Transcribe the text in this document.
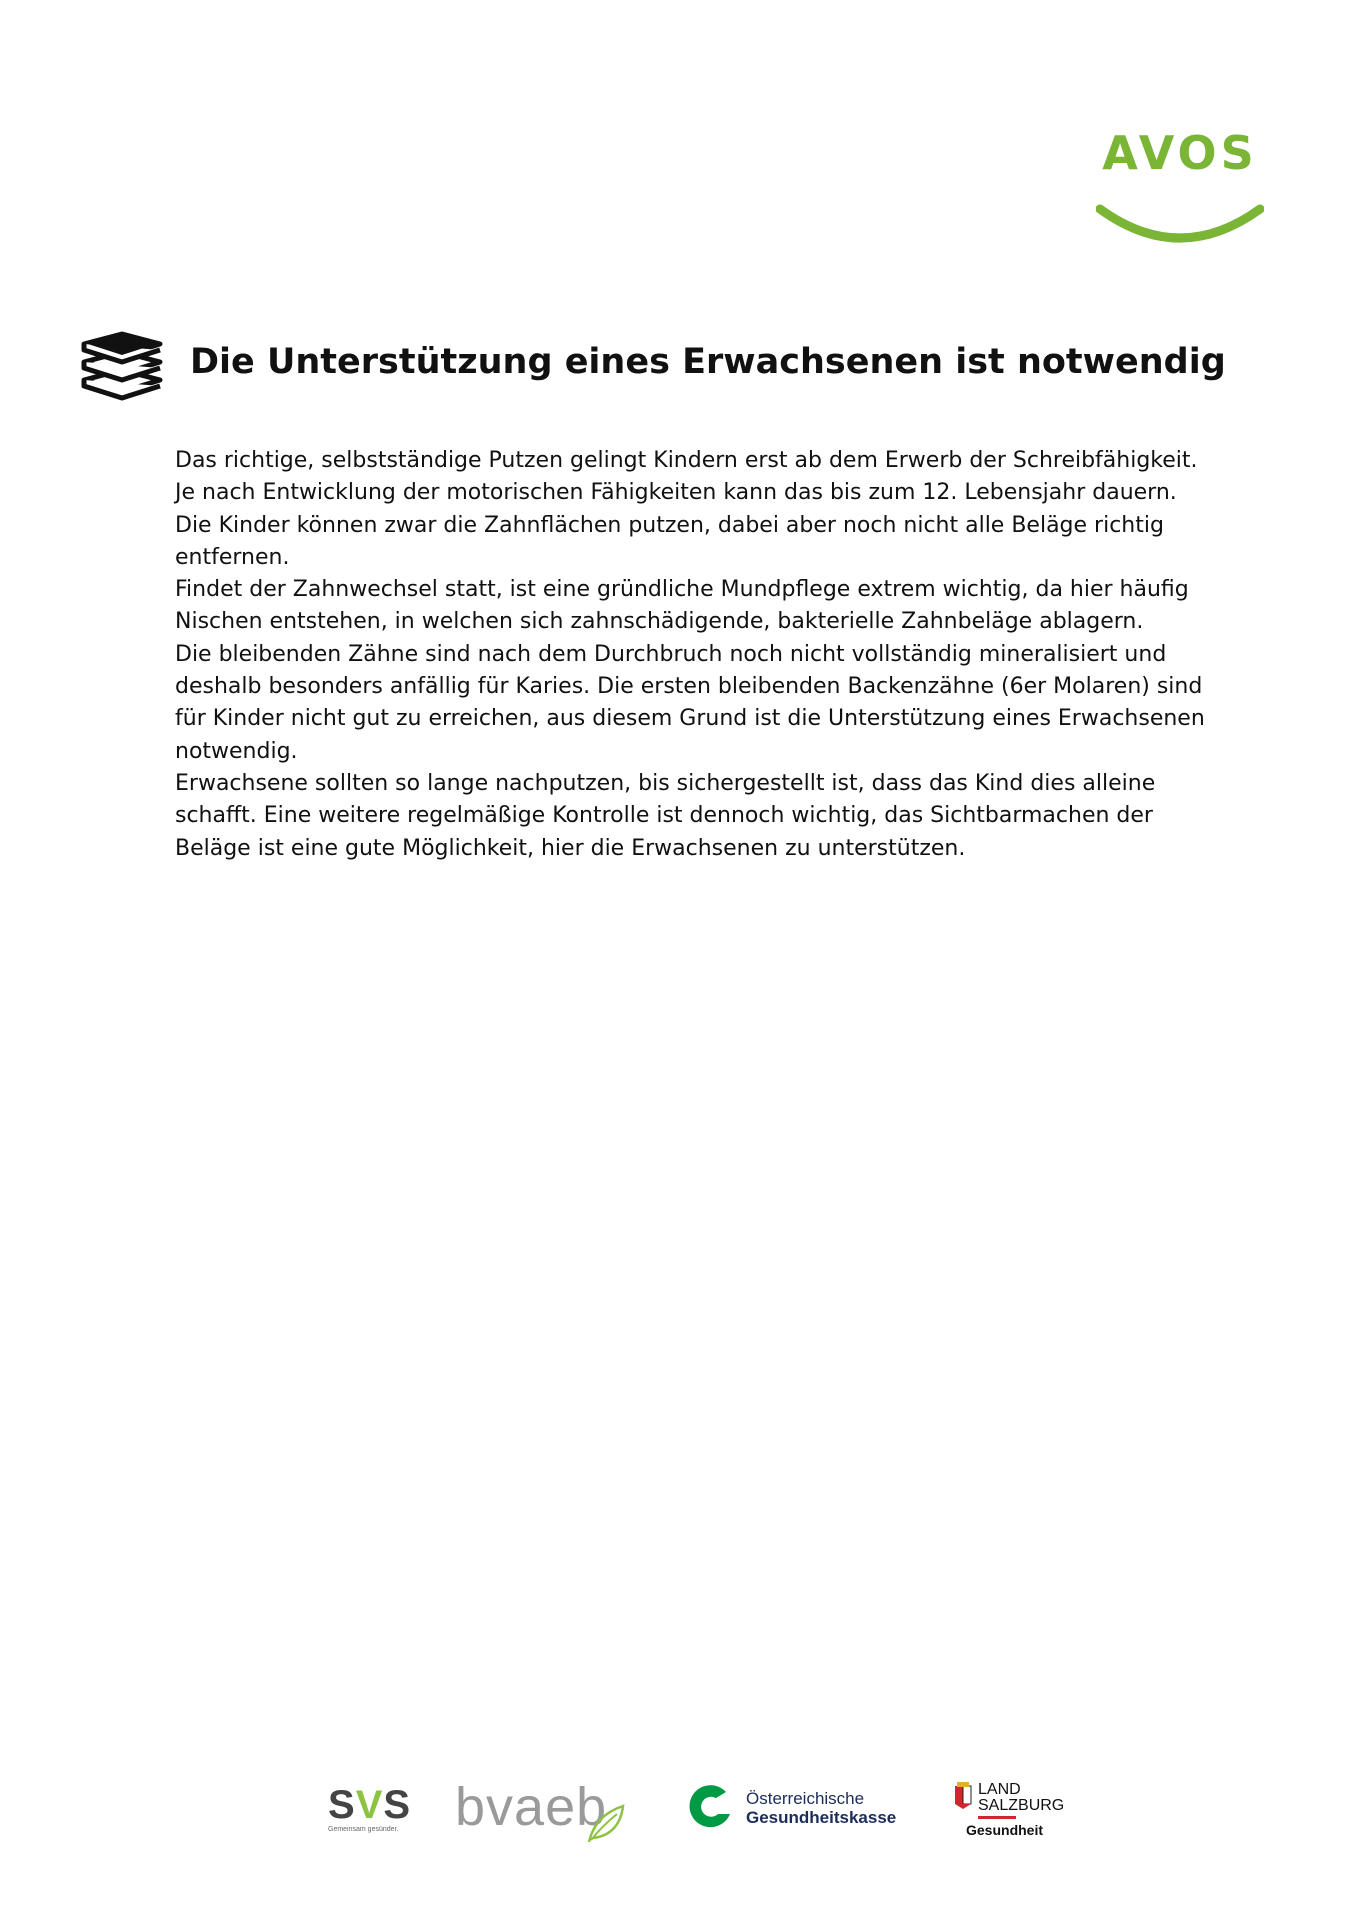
AVOS
Die Unterstützung eines Erwachsenen ist notwendig

Das richtige, selbstständige Putzen gelingt Kindern erst ab dem Erwerb der Schreibfähigkeit. Je nach Entwicklung der motorischen Fähigkeiten kann das bis zum 12. Lebensjahr dauern.

Die Kinder können zwar die Zahnflächen putzen, dabei aber noch nicht alle Beläge richtig entfernen.

Findet der Zahnwechsel statt, ist eine gründliche Mundpflege extrem wichtig, da hier häufig Nischen entstehen, in welchen sich zahnschädigende, bakterielle Zahnbeläge ablagern.

Die bleibenden Zähne sind nach dem Durchbruch noch nicht vollständig mineralisiert und deshalb besonders anfällig für Karies. Die ersten bleibenden Backenzähne (6er Molaren) sind für Kinder nicht gut zu erreichen, aus diesem Grund ist die Unterstützung eines Erwachsenen notwendig.

Erwachsene sollten so lange nachputzen, bis sichergestellt ist, dass das Kind dies alleine schafft. Eine weitere regelmäßige Kontrolle ist dennoch wichtig, das Sichtbarmachen der Beläge ist eine gute Möglichkeit, hier die Erwachsenen zu unterstützen.

SVS
Gemeinsam gesünder. bvaeb	Österreichische
Gesundheitskasse
LAND
SALZBURG
Gesundheit
